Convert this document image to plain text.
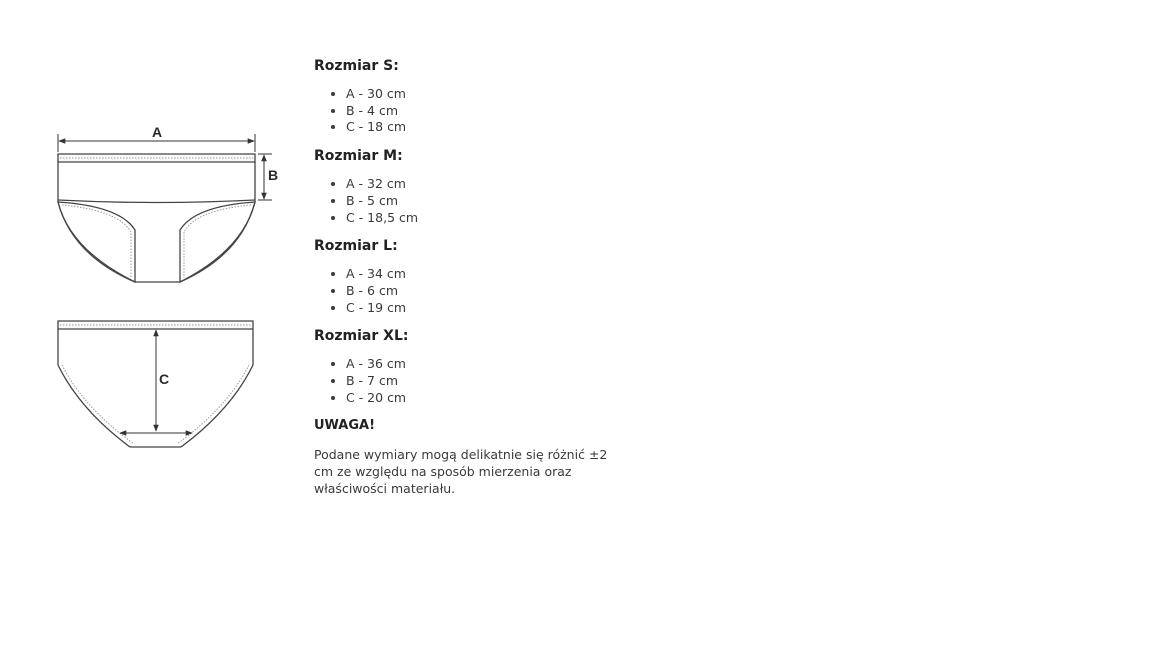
A
B
C

Rozmiar S:

• A - 30 cm
• B - 4 cm
• C - 18 cm

Rozmiar M:

• A - 32 cm
• B - 5 cm
• C - 18,5 cm

Rozmiar L:

• A - 34 cm
• B - 6 cm
• C - 19 cm

Rozmiar XL:

• A - 36 cm
• B - 7 cm
• C - 20 cm

UWAGA!

Podane wymiary mogą delikatnie się różnić ±2 cm ze względu na sposób mierzenia oraz właściwości materiału.
